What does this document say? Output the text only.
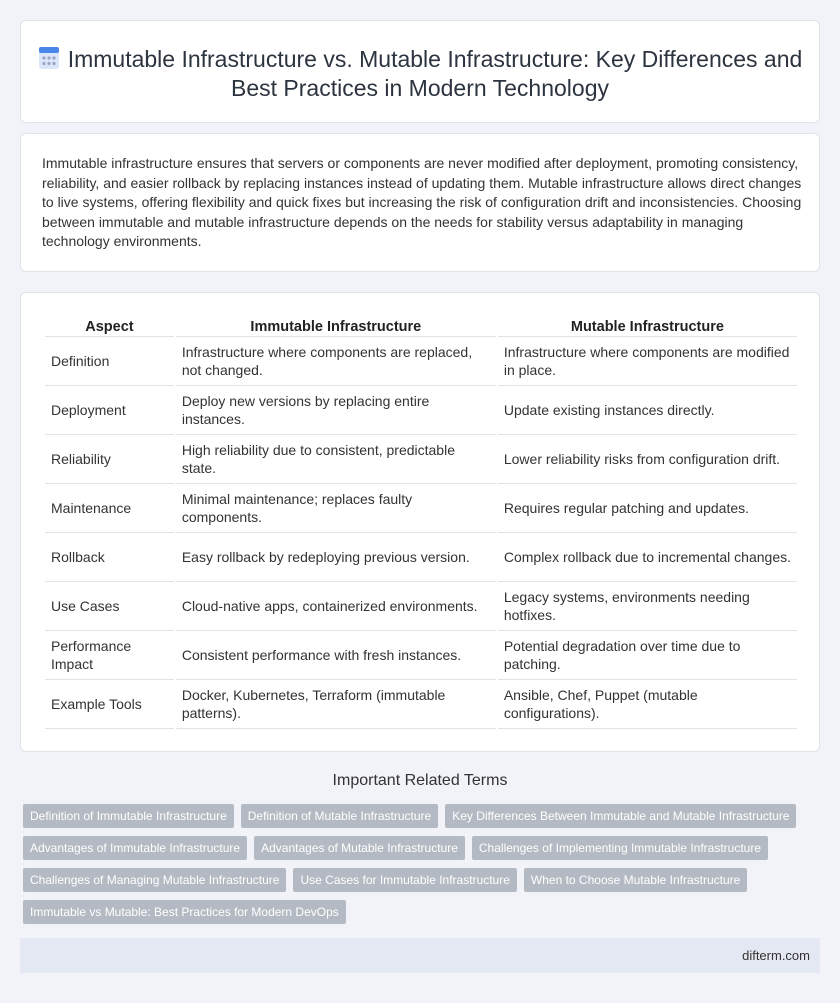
Immutable Infrastructure vs. Mutable Infrastructure: Key Differences and Best Practices in Modern Technology

Immutable infrastructure ensures that servers or components are never modified after deployment, promoting consistency, reliability, and easier rollback by replacing instances instead of updating them. Mutable infrastructure allows direct changes to live systems, offering flexibility and quick fixes but increasing the risk of configuration drift and inconsistencies. Choosing between immutable and mutable infrastructure depends on the needs for stability versus adaptability in managing technology environments.

Aspect	Immutable Infrastructure	Mutable Infrastructure
Definition	Infrastructure where components are replaced, not changed.	Infrastructure where components are modified in place.
Deployment	Deploy new versions by replacing entire instances.	Update existing instances directly.
Reliability	High reliability due to consistent, predictable state.	Lower reliability risks from configuration drift.
Maintenance	Minimal maintenance; replaces faulty components.	Requires regular patching and updates.
Rollback	Easy rollback by redeploying previous version.	Complex rollback due to incremental changes.
Use Cases	Cloud-native apps, containerized environments.	Legacy systems, environments needing hotfixes.
Performance Impact	Consistent performance with fresh instances.	Potential degradation over time due to patching.
Example Tools	Docker, Kubernetes, Terraform (immutable patterns).	Ansible, Chef, Puppet (mutable configurations).
Important Related Terms
Definition of Immutable Infrastructure	Definition of Mutable Infrastructure	Key Differences Between Immutable and Mutable Infrastructure
Advantages of Immutable Infrastructure	Advantages of Mutable Infrastructure	Challenges of Implementing Immutable Infrastructure
Challenges of Managing Mutable Infrastructure	Use Cases for Immutable Infrastructure	When to Choose Mutable Infrastructure
Immutable vs Mutable: Best Practices for Modern DevOps
difterm.com
